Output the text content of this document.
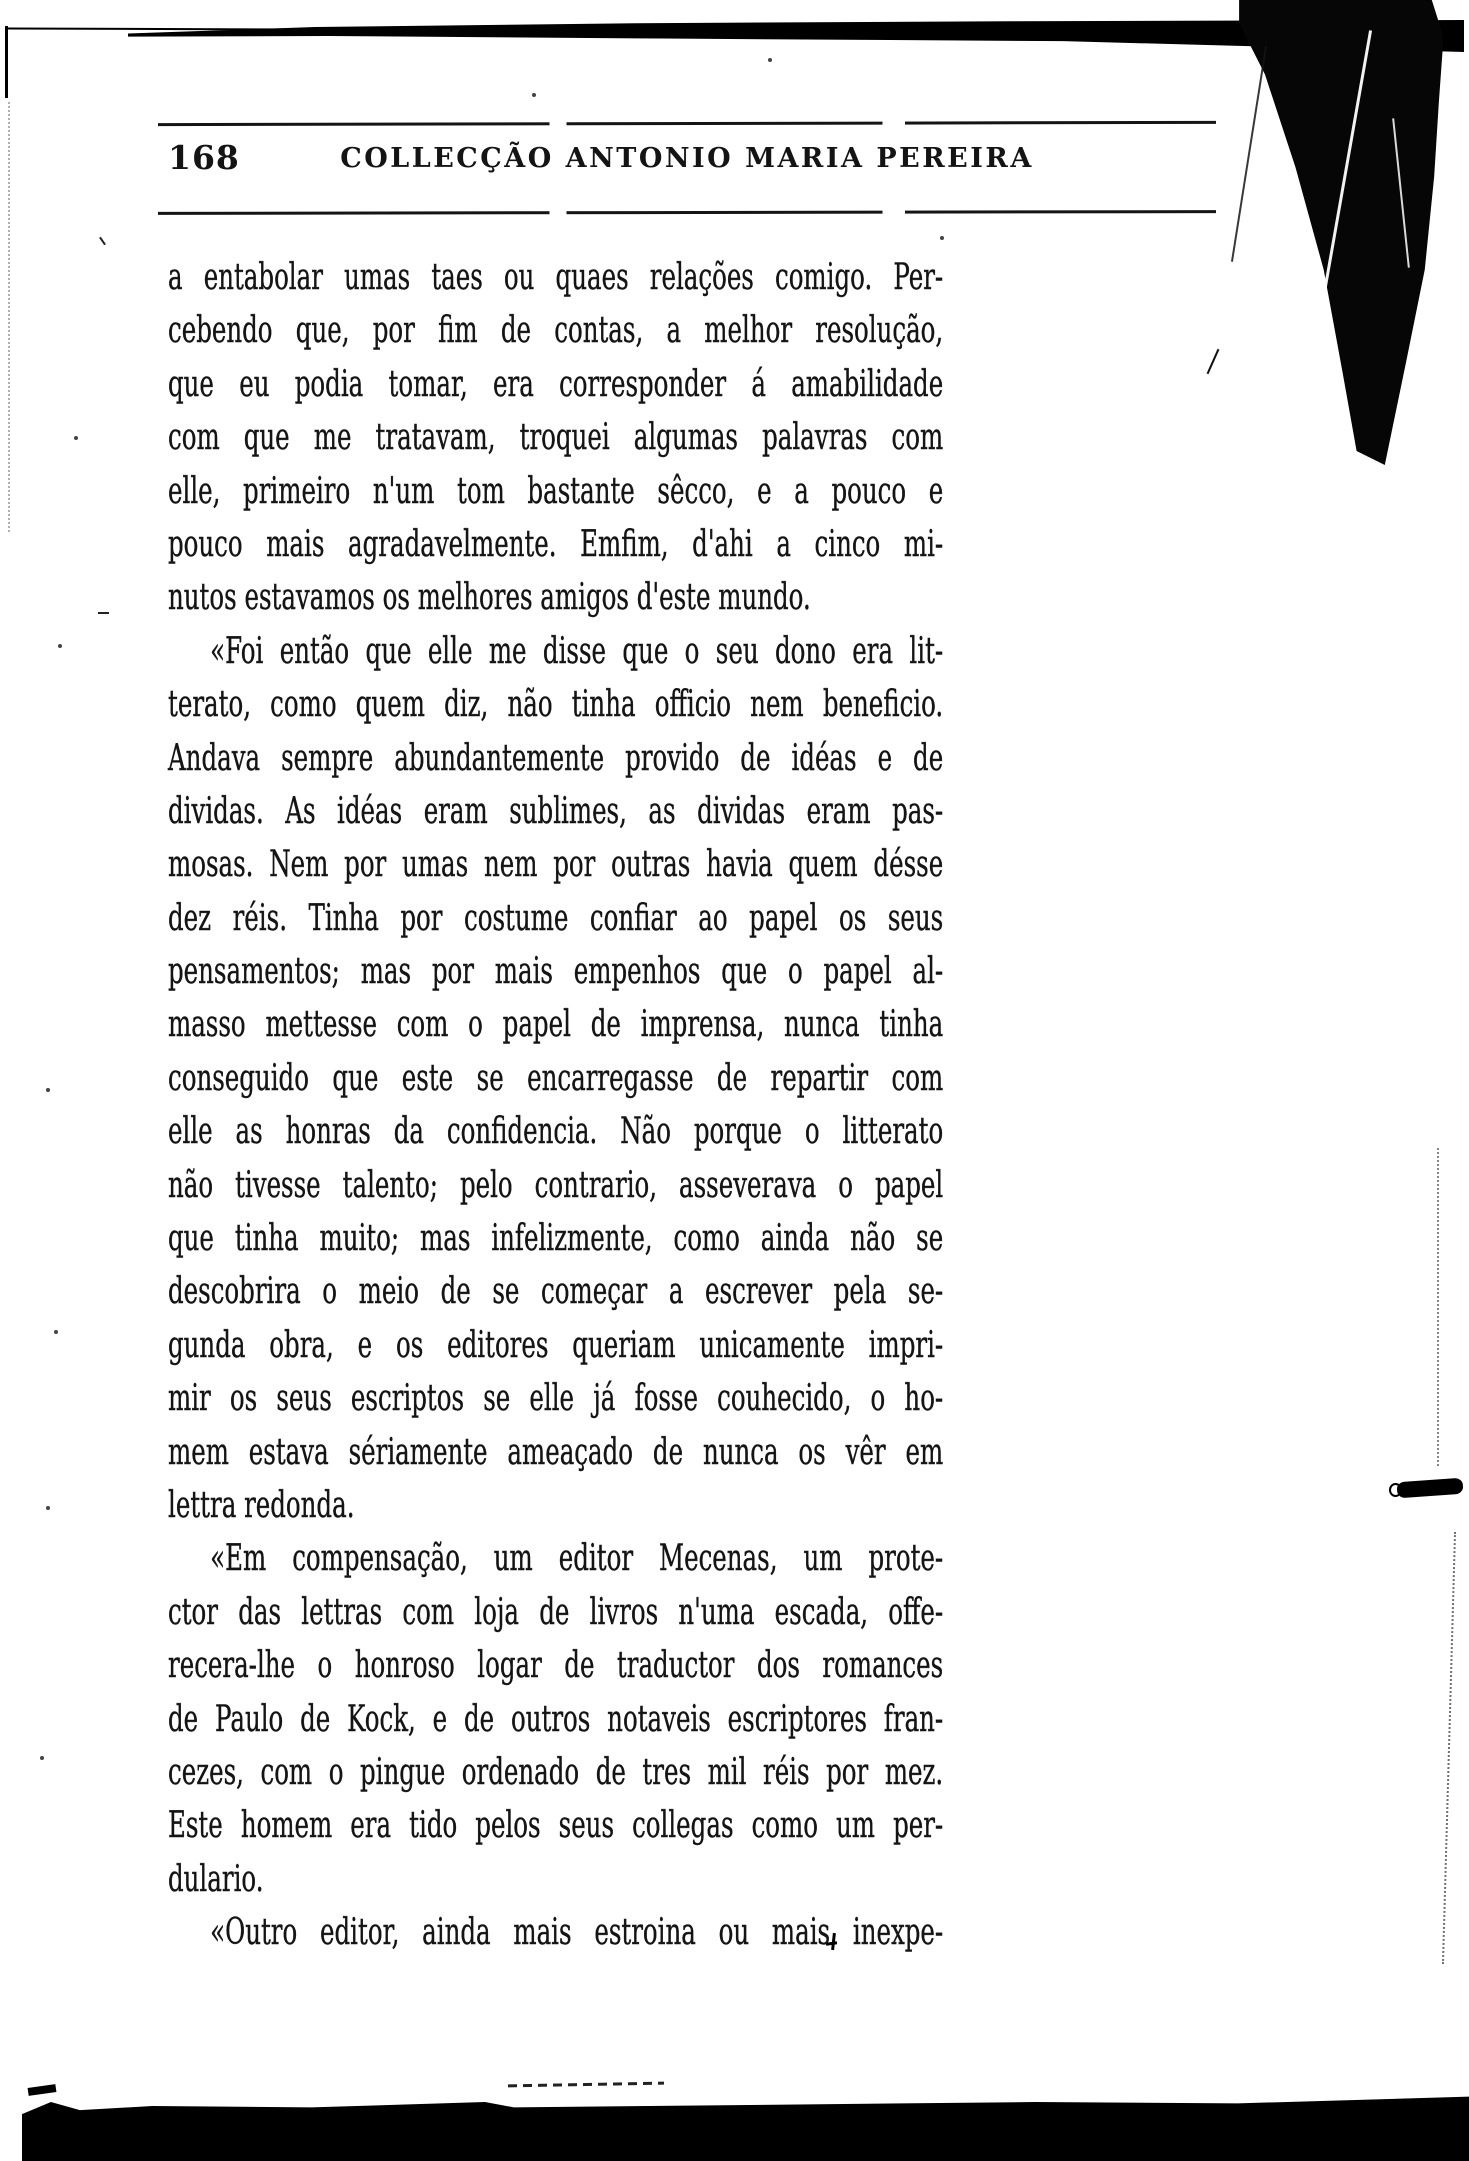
168	COLLECÇÃO ANTONIO MARIA PEREIRA
a entabolar umas taes ou quaes relações comigo. Per-
cebendo que, por fim de contas, a melhor resolução,
que eu podia tomar, era corresponder á amabilidade
com que me tratavam, troquei algumas palavras com
elle, primeiro n'um tom bastante sêcco, e a pouco e
pouco mais agradavelmente. Emfim, d'ahi a cinco mi-
nutos estavamos os melhores amigos d'este mundo.
«Foi então que elle me disse que o seu dono era lit-
terato, como quem diz, não tinha officio nem beneficio.
Andava sempre abundantemente provido de idéas e de
dividas. As idéas eram sublimes, as dividas eram pas-
mosas. Nem por umas nem por outras havia quem désse
dez réis. Tinha por costume confiar ao papel os seus
pensamentos; mas por mais empenhos que o papel al-
masso mettesse com o papel de imprensa, nunca tinha
conseguido que este se encarregasse de repartir com
elle as honras da confidencia. Não porque o litterato
não tivesse talento; pelo contrario, asseverava o papel
que tinha muito; mas infelizmente, como ainda não se
descobrira o meio de se começar a escrever pela se-
gunda obra, e os editores queriam unicamente impri-
mir os seus escriptos se elle já fosse couhecido, o ho-
mem estava sériamente ameaçado de nunca os vêr em
lettra redonda.
«Em compensação, um editor Mecenas, um prote-
ctor das lettras com loja de livros n'uma escada, offe-
recera-lhe o honroso logar de traductor dos romances
de Paulo de Kock, e de outros notaveis escriptores fran-
cezes, com o pingue ordenado de tres mil réis por mez.
Este homem era tido pelos seus collegas como um per-
dulario.
«Outro editor, ainda mais estroina ou mais inexpe-
